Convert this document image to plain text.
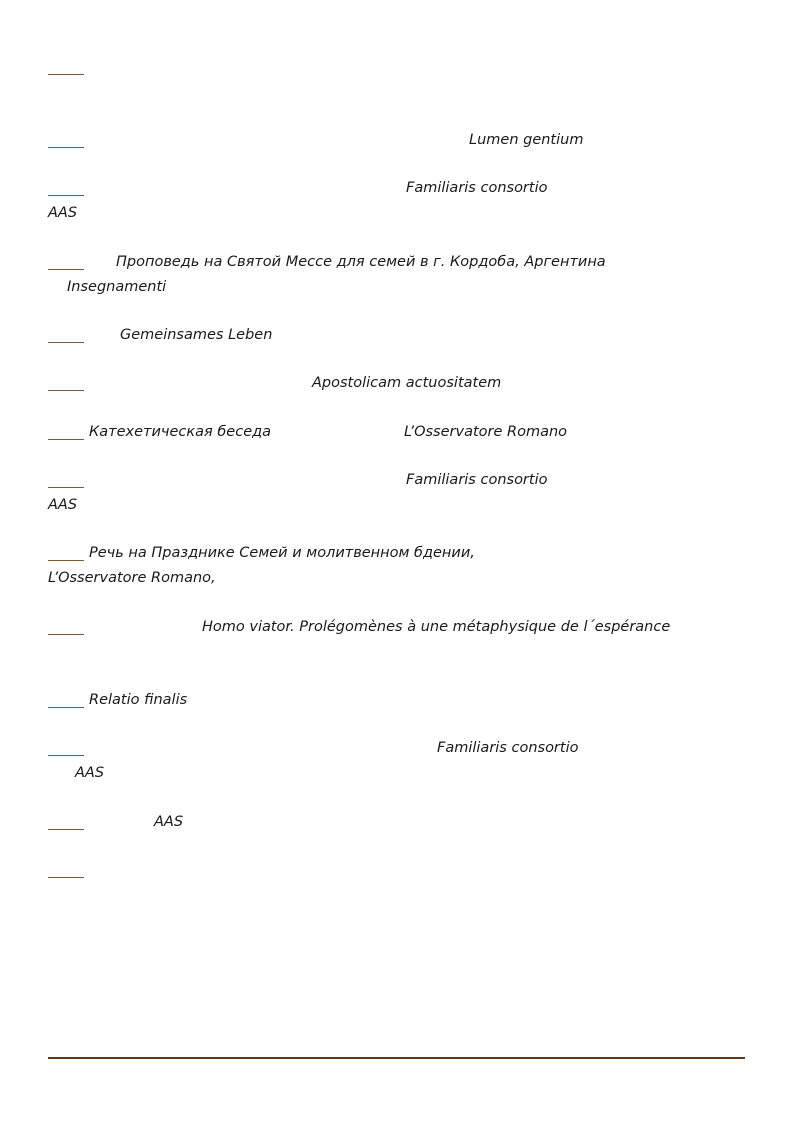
Lumen gentium
Familiaris consortio
AAS
Проповедь на Святой Мессе для семей в г. Кордоба, Аргентина
Insegnamenti
Gemeinsames Leben
Apostolicam actuositatem
Катехетическая беседа	L’Osservatore Romano
Familiaris consortio
AAS
Речь на Празднике Семей и молитвенном бдении,
L’Osservatore Romano,
Homo viator. Prolégomènes à une métaphysique de l´espérance
Relatio finalis
Familiaris consortio
AAS
AAS
